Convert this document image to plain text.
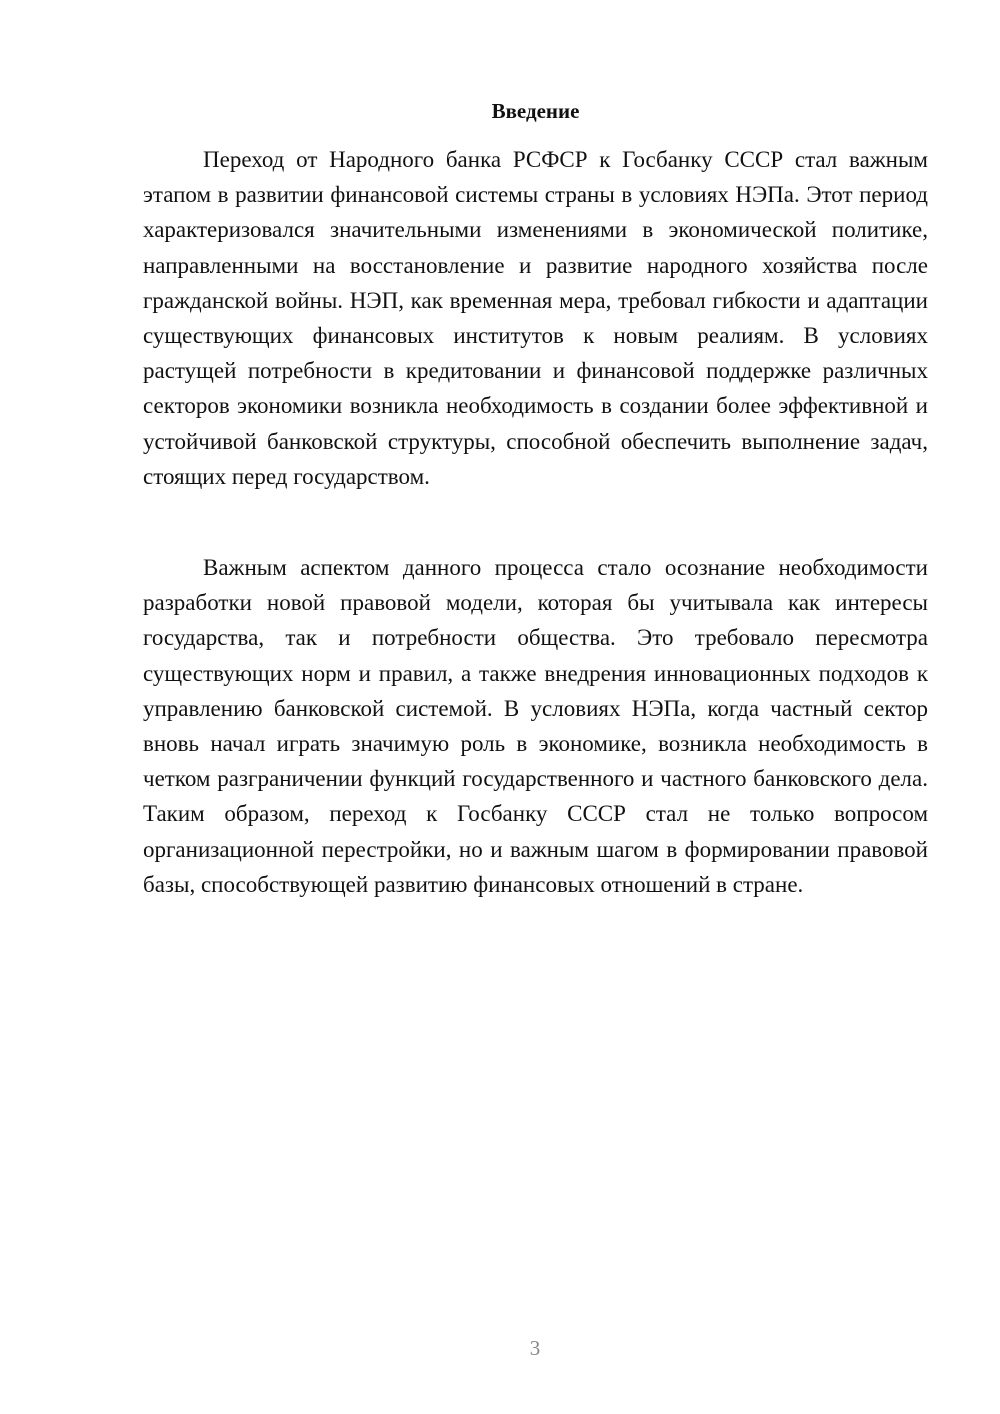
Введение

Переход от Народного банка РСФСР к Госбанку СССР стал важным этапом в развитии финансовой системы страны в условиях НЭПа. Этот период характеризовался значительными изменениями в экономической политике, направленными на восстановление и развитие народного хозяйства после гражданской войны. НЭП, как временная мера, требовал гибкости и адаптации существующих финансовых институтов к новым реалиям. В условиях растущей потребности в кредитовании и финансовой поддержке различных секторов экономики возникла необходимость в создании более эффективной и устойчивой банковской структуры, способной обеспечить выполнение задач, стоящих перед государством.

Важным аспектом данного процесса стало осознание необходимости разработки новой правовой модели, которая бы учитывала как интересы государства, так и потребности общества. Это требовало пересмотра существующих норм и правил, а также внедрения инновационных подходов к управлению банковской системой. В условиях НЭПа, когда частный сектор вновь начал играть значимую роль в экономике, возникла необходимость в четком разграничении функций государственного и частного банковского дела. Таким образом, переход к Госбанку СССР стал не только вопросом организационной перестройки, но и важным шагом в формировании правовой базы, способствующей развитию финансовых отношений в стране.

3
